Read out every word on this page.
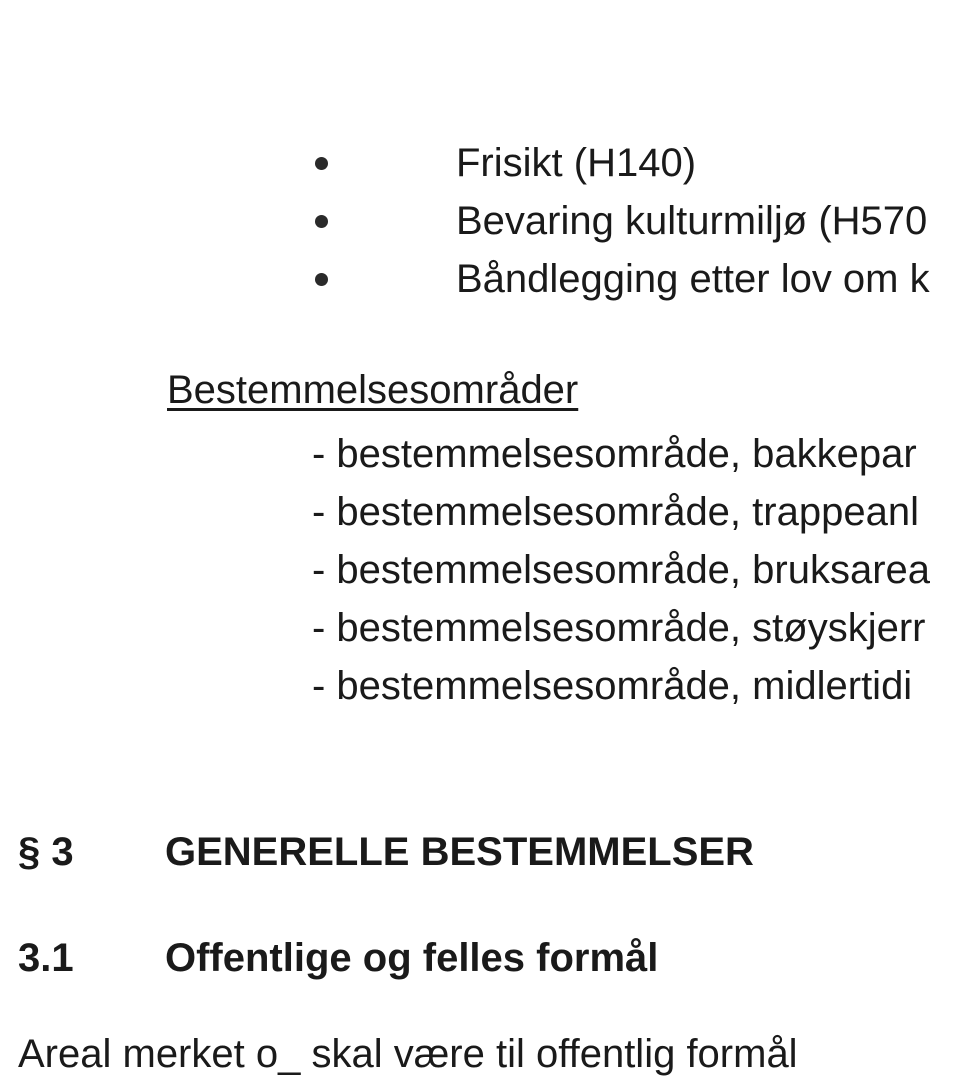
Frisikt (H140)
Bevaring kulturmiljø (H570
Båndlegging etter lov om k
Bestemmelsesområder
- bestemmelsesområde, bakkepar
- bestemmelsesområde, trappeanl
- bestemmelsesområde, bruksarea
- bestemmelsesområde, støyskjerr
- bestemmelsesområde, midlertidi
§ 3 GENERELLE BESTEMMELSER
3.1 Offentlige og felles formål
Areal merket o_ skal være til offentlig formål
